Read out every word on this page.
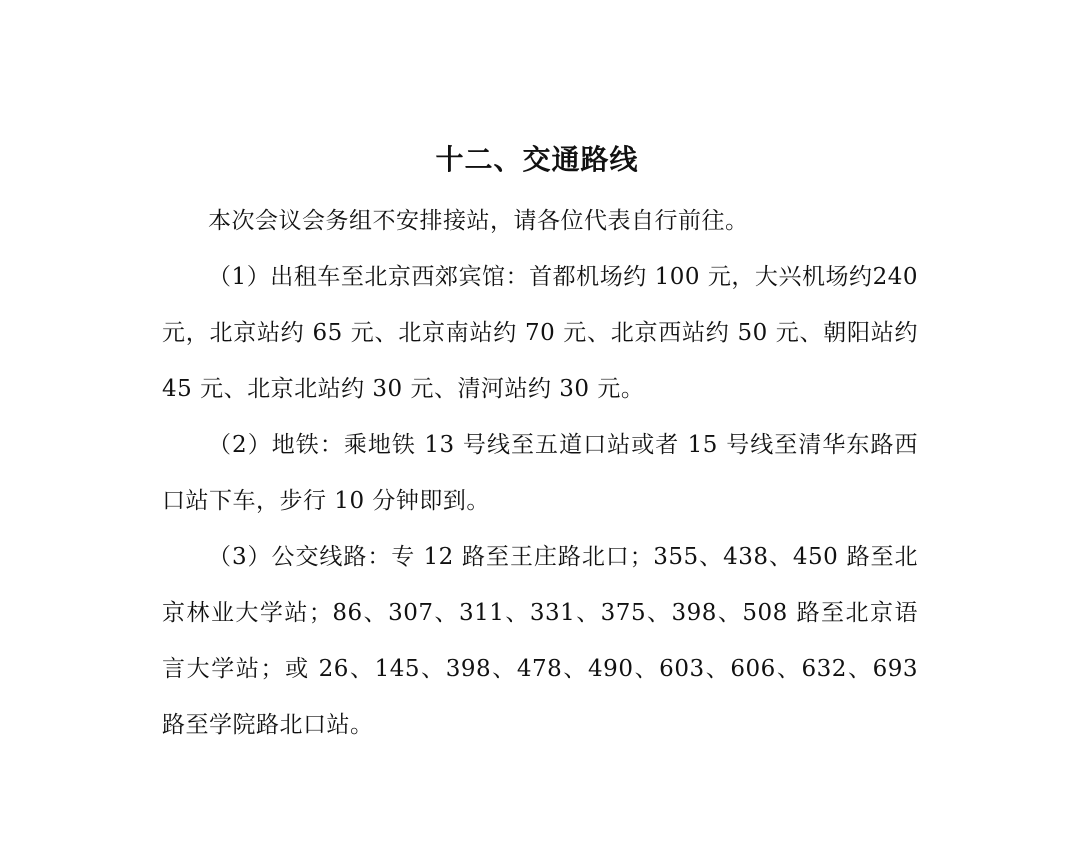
十二、交通路线

本次会议会务组不安排接站，请各位代表自行前往。

（1）出租车至北京西郊宾馆：首都机场约 100 元，大兴机场约240 元，北京站约 65 元、北京南站约 70 元、北京西站约 50 元、朝阳站约 45 元、北京北站约 30 元、清河站约 30 元。

（2）地铁：乘地铁 13 号线至五道口站或者 15 号线至清华东路西口站下车，步行 10 分钟即到。

（3）公交线路：专 12 路至王庄路北口；355、438、450 路至北京林业大学站；86、307、311、331、375、398、508 路至北京语言大学站；或 26、145、398、478、490、603、606、632、693 路至学院路北口站。
